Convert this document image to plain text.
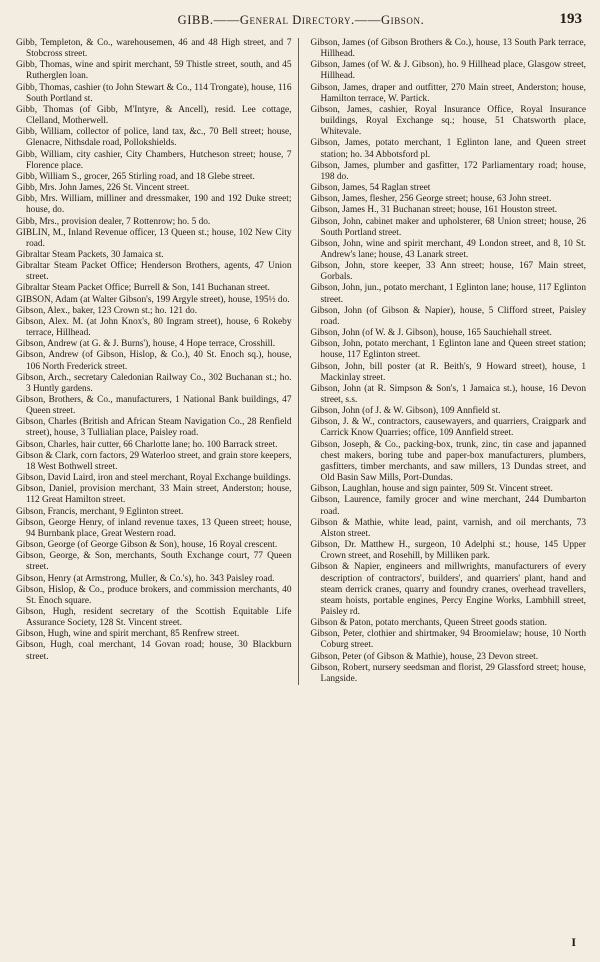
GIBB.——General Directory.——Gibson.	193

Gibb, Templeton, & Co., warehousemen, 46 and 48 High street, and 7 Stobcross street.

Gibb, Thomas, wine and spirit merchant, 59 Thistle street, south, and 45 Rutherglen loan.

Gibb, Thomas, cashier (to John Stewart & Co., 114 Trongate), house, 116 South Portland st.

Gibb, Thomas (of Gibb, M'Intyre, & Ancell), resid. Lee cottage, Clelland, Motherwell.

Gibb, William, collector of police, land tax, &c., 70 Bell street; house, Glenacre, Nithsdale road, Pollokshields.

Gibb, William, city cashier, City Chambers, Hutcheson street; house, 7 Florence place.

Gibb, William S., grocer, 265 Stirling road, and 18 Glebe street.

Gibb, Mrs. John James, 226 St. Vincent street.

Gibb, Mrs. William, milliner and dressmaker, 190 and 192 Duke street; house, do.

Gibb, Mrs., provision dealer, 7 Rottenrow; ho. 5 do.

GIBLIN, M., Inland Revenue officer, 13 Queen st.; house, 102 New City road.

Gibraltar Steam Packets, 30 Jamaica st.

Gibraltar Steam Packet Office; Henderson Brothers, agents, 47 Union street.

Gibraltar Steam Packet Office; Burrell & Son, 141 Buchanan street.

GIBSON, Adam (at Walter Gibson's, 199 Argyle street), house, 195½ do.

Gibson, Alex., baker, 123 Crown st.; ho. 121 do.

Gibson, Alex. M. (at John Knox's, 80 Ingram street), house, 6 Rokeby terrace, Hillhead.

Gibson, Andrew (at G. & J. Burns'), house, 4 Hope terrace, Crosshill.

Gibson, Andrew (of Gibson, Hislop, & Co.), 40 St. Enoch sq.), house, 106 North Frederick street.

Gibson, Arch., secretary Caledonian Railway Co., 302 Buchanan st.; ho. 3 Huntly gardens.

Gibson, Brothers, & Co., manufacturers, 1 National Bank buildings, 47 Queen street.

Gibson, Charles (British and African Steam Navigation Co., 28 Renfield street), house, 3 Tullialian place, Paisley road.

Gibson, Charles, hair cutter, 66 Charlotte lane; ho. 100 Barrack street.

Gibson & Clark, corn factors, 29 Waterloo street, and grain store keepers, 18 West Bothwell street.

Gibson, David Laird, iron and steel merchant, Royal Exchange buildings.

Gibson, Daniel, provision merchant, 33 Main street, Anderston; house, 112 Great Hamilton street.

Gibson, Francis, merchant, 9 Eglinton street.

Gibson, George Henry, of inland revenue taxes, 13 Queen street; house, 94 Burnbank place, Great Western road.

Gibson, George (of George Gibson & Son), house, 16 Royal crescent.

Gibson, George, & Son, merchants, South Exchange court, 77 Queen street.

Gibson, Henry (at Armstrong, Muller, & Co.'s), ho. 343 Paisley road.

Gibson, Hislop, & Co., produce brokers, and commission merchants, 40 St. Enoch square.

Gibson, Hugh, resident secretary of the Scottish Equitable Life Assurance Society, 128 St. Vincent street.

Gibson, Hugh, wine and spirit merchant, 85 Renfrew street.

Gibson, Hugh, coal merchant, 14 Govan road; house, 30 Blackburn street.

Gibson, James (of Gibson Brothers & Co.), house, 13 South Park terrace, Hillhead.

Gibson, James (of W. & J. Gibson), ho. 9 Hillhead place, Glasgow street, Hillhead.

Gibson, James, draper and outfitter, 270 Main street, Anderston; house, Hamilton terrace, W. Partick.

Gibson, James, cashier, Royal Insurance Office, Royal Insurance buildings, Royal Exchange sq.; house, 51 Chatsworth place, Whitevale.

Gibson, James, potato merchant, 1 Eglinton lane, and Queen street station; ho. 34 Abbotsford pl.

Gibson, James, plumber and gasfitter, 172 Parliamentary road; house, 198 do.

Gibson, James, 54 Raglan street

Gibson, James, flesher, 256 George street; house, 63 John street.

Gibson, James H., 31 Buchanan street; house, 161 Houston street.

Gibson, John, cabinet maker and upholsterer, 68 Union street; house, 26 South Portland street.

Gibson, John, wine and spirit merchant, 49 London street, and 8, 10 St. Andrew's lane; house, 43 Lanark street.

Gibson, John, store keeper, 33 Ann street; house, 167 Main street, Gorbals.

Gibson, John, jun., potato merchant, 1 Eglinton lane; house, 117 Eglinton street.

Gibson, John (of Gibson & Napier), house, 5 Clifford street, Paisley road.

Gibson, John (of W. & J. Gibson), house, 165 Sauchiehall street.

Gibson, John, potato merchant, 1 Eglinton lane and Queen street station; house, 117 Eglinton street.

Gibson, John, bill poster (at R. Beith's, 9 Howard street), house, 1 Mackinlay street.

Gibson, John (at R. Simpson & Son's, 1 Jamaica st.), house, 16 Devon street, s.s.

Gibson, John (of J. & W. Gibson), 109 Annfield st.

Gibson, J. & W., contractors, causewayers, and quarriers, Craigpark and Carrick Know Quarries; office, 109 Annfield street.

Gibson, Joseph, & Co., packing-box, trunk, zinc, tin case and japanned chest makers, boring tube and paper-box manufacturers, plumbers, gasfitters, timber merchants, and saw millers, 13 Dundas street, and Old Basin Saw Mills, Port-Dundas.

Gibson, Laughlan, house and sign painter, 509 St. Vincent street.

Gibson, Laurence, family grocer and wine merchant, 244 Dumbarton road.

Gibson & Mathie, white lead, paint, varnish, and oil merchants, 73 Alston street.

Gibson, Dr. Matthew H., surgeon, 10 Adelphi st.; house, 145 Upper Crown street, and Rosehill, by Milliken park.

Gibson & Napier, engineers and millwrights, manufacturers of every description of contractors', builders', and quarriers' plant, hand and steam derrick cranes, quarry and foundry cranes, overhead travellers, steam hoists, portable engines, Percy Engine Works, Lambhill street, Paisley rd.

Gibson & Paton, potato merchants, Queen Street goods station.

Gibson, Peter, clothier and shirtmaker, 94 Broomielaw; house, 10 North Coburg street.

Gibson, Peter (of Gibson & Mathie), house, 23 Devon street.

Gibson, Robert, nursery seedsman and florist, 29 Glassford street; house, Langside.

I
